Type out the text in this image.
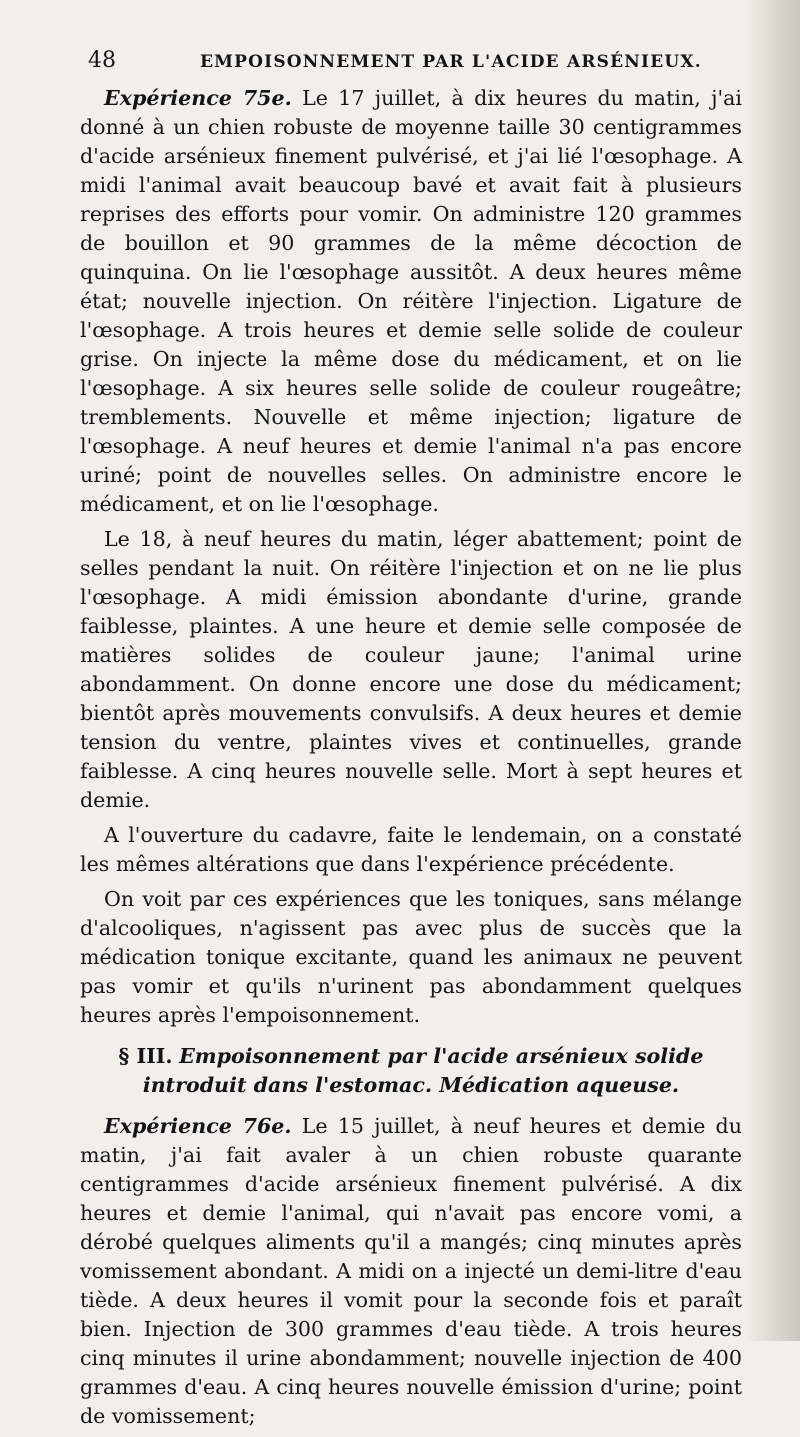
48	EMPOISONNEMENT PAR L'ACIDE ARSÉNIEUX.

Expérience 75e. Le 17 juillet, à dix heures du matin, j'ai donné à un chien robuste de moyenne taille 30 centigrammes d'acide arsénieux finement pulvérisé, et j'ai lié l'œsophage. A midi l'animal avait beaucoup bavé et avait fait à plusieurs reprises des efforts pour vomir. On administre 120 grammes de bouillon et 90 grammes de la même décoction de quinquina. On lie l'œsophage aussitôt. A deux heures même état; nouvelle injection. On réitère l'injection. Ligature de l'œsophage. A trois heures et demie selle solide de couleur grise. On injecte la même dose du médicament, et on lie l'œsophage. A six heures selle solide de couleur rougeâtre; tremblements. Nouvelle et même injection; ligature de l'œsophage. A neuf heures et demie l'animal n'a pas encore uriné; point de nouvelles selles. On administre encore le médicament, et on lie l'œsophage.

Le 18, à neuf heures du matin, léger abattement; point de selles pendant la nuit. On réitère l'injection et on ne lie plus l'œsophage. A midi émission abondante d'urine, grande faiblesse, plaintes. A une heure et demie selle composée de matières solides de couleur jaune; l'animal urine abondamment. On donne encore une dose du médicament; bientôt après mouvements convulsifs. A deux heures et demie tension du ventre, plaintes vives et continuelles, grande faiblesse. A cinq heures nouvelle selle. Mort à sept heures et demie.

A l'ouverture du cadavre, faite le lendemain, on a constaté les mêmes altérations que dans l'expérience précédente.

On voit par ces expériences que les toniques, sans mélange d'alcooliques, n'agissent pas avec plus de succès que la médication tonique excitante, quand les animaux ne peuvent pas vomir et qu'ils n'urinent pas abondamment quelques heures après l'empoisonnement.

§ III. Empoisonnement par l'acide arsénieux solide introduit dans l'estomac. Médication aqueuse.

Expérience 76e. Le 15 juillet, à neuf heures et demie du matin, j'ai fait avaler à un chien robuste quarante centigrammes d'acide arsénieux finement pulvérisé. A dix heures et demie l'animal, qui n'avait pas encore vomi, a dérobé quelques aliments qu'il a mangés; cinq minutes après vomissement abondant. A midi on a injecté un demi-litre d'eau tiède. A deux heures il vomit pour la seconde fois et paraît bien. Injection de 300 grammes d'eau tiède. A trois heures cinq minutes il urine abondamment; nouvelle injection de 400 grammes d'eau. A cinq heures nouvelle émission d'urine; point de vomissement;
